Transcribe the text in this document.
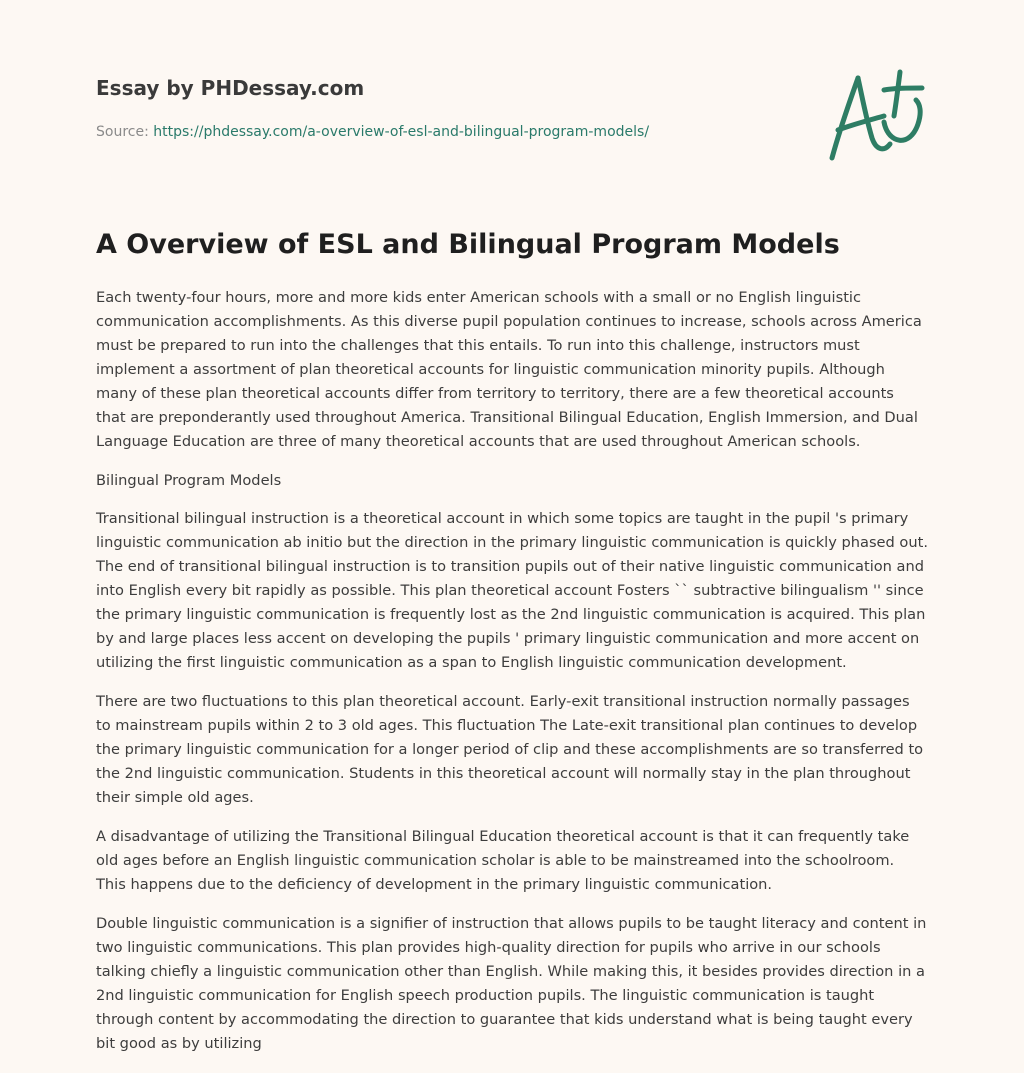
Essay by PHDessay.com
Source: https://phdessay.com/a-overview-of-esl-and-bilingual-program-models/
A Overview of ESL and Bilingual Program Models

Each twenty-four hours, more and more kids enter American schools with a small or no English linguistic communication accomplishments. As this diverse pupil population continues to increase, schools across America must be prepared to run into the challenges that this entails. To run into this challenge, instructors must implement a assortment of plan theoretical accounts for linguistic communication minority pupils. Although many of these plan theoretical accounts differ from territory to territory, there are a few theoretical accounts that are preponderantly used throughout America. Transitional Bilingual Education, English Immersion, and Dual Language Education are three of many theoretical accounts that are used throughout American schools.

Bilingual Program Models

Transitional bilingual instruction is a theoretical account in which some topics are taught in the pupil 's primary linguistic communication ab initio but the direction in the primary linguistic communication is quickly phased out. The end of transitional bilingual instruction is to transition pupils out of their native linguistic communication and into English every bit rapidly as possible. This plan theoretical account Fosters `` subtractive bilingualism '' since the primary linguistic communication is frequently lost as the 2nd linguistic communication is acquired. This plan by and large places less accent on developing the pupils ' primary linguistic communication and more accent on utilizing the first linguistic communication as a span to English linguistic communication development.

There are two fluctuations to this plan theoretical account. Early-exit transitional instruction normally passages to mainstream pupils within 2 to 3 old ages. This fluctuation The Late-exit transitional plan continues to develop the primary linguistic communication for a longer period of clip and these accomplishments are so transferred to the 2nd linguistic communication. Students in this theoretical account will normally stay in the plan throughout their simple old ages.

A disadvantage of utilizing the Transitional Bilingual Education theoretical account is that it can frequently take old ages before an English linguistic communication scholar is able to be mainstreamed into the schoolroom. This happens due to the deficiency of development in the primary linguistic communication.

Double linguistic communication is a signifier of instruction that allows pupils to be taught literacy and content in two linguistic communications. This plan provides high-quality direction for pupils who arrive in our schools talking chiefly a linguistic communication other than English. While making this, it besides provides direction in a 2nd linguistic communication for English speech production pupils. The linguistic communication is taught through content by accommodating the direction to guarantee that kids understand what is being taught every bit good as by utilizing
